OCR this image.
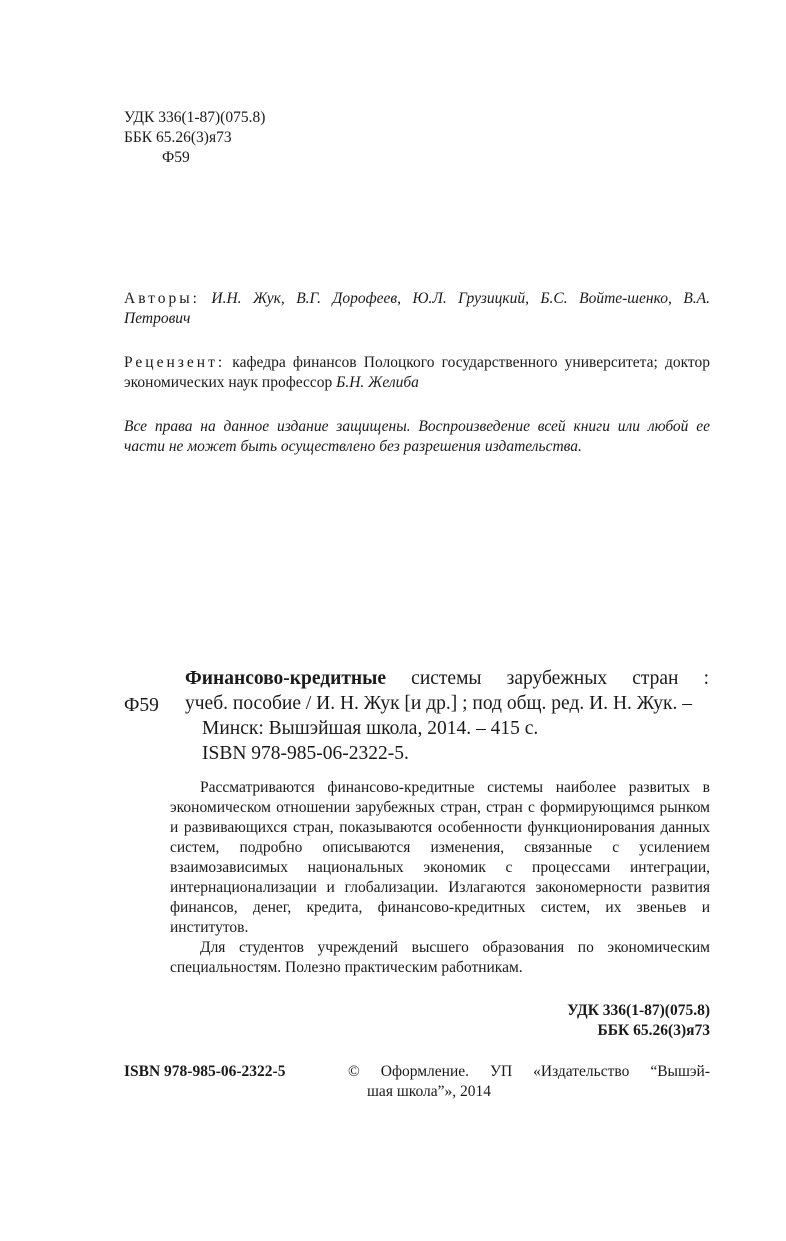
УДК 336(1-87)(075.8)
ББК 65.26(3)я73
Ф59
Авторы: И.Н. Жук, В.Г. Дорофеев, Ю.Л. Грузицкий, Б.С. Войте-шенко, В.А. Петрович
Рецензент: кафедра финансов Полоцкого государственного университета; доктор экономических наук профессор Б.Н. Желиба
Все права на данное издание защищены. Воспроизведение всей книги или любой ее части не может быть осуществлено без разрешения издательства.
Ф59
Финансово-кредитные системы зарубежных стран :
учеб. пособие / И. Н. Жук [и др.] ; под общ. ред. И. Н. Жук. –
Минск: Вышэйшая школа, 2014. – 415 с.
ISBN 978-985-06-2322-5.
Рассматриваются финансово-кредитные системы наиболее развитых в экономическом отношении зарубежных стран, стран с формирующимся рынком и развивающихся стран, показываются особенности функционирования данных систем, подробно описываются изменения, связанные с усилением взаимозависимых национальных экономик с процессами интеграции, интернационализации и глобализации. Излагаются закономерности развития финансов, денег, кредита, финансово-кредитных систем, их звеньев и институтов.
Для студентов учреждений высшего образования по экономическим специальностям. Полезно практическим работникам.
УДК 336(1-87)(075.8)
ББК 65.26(3)я73
ISBN 978-985-06-2322-5	© Оформление. УП «Издательство “Вышэй-
шая школа”», 2014
